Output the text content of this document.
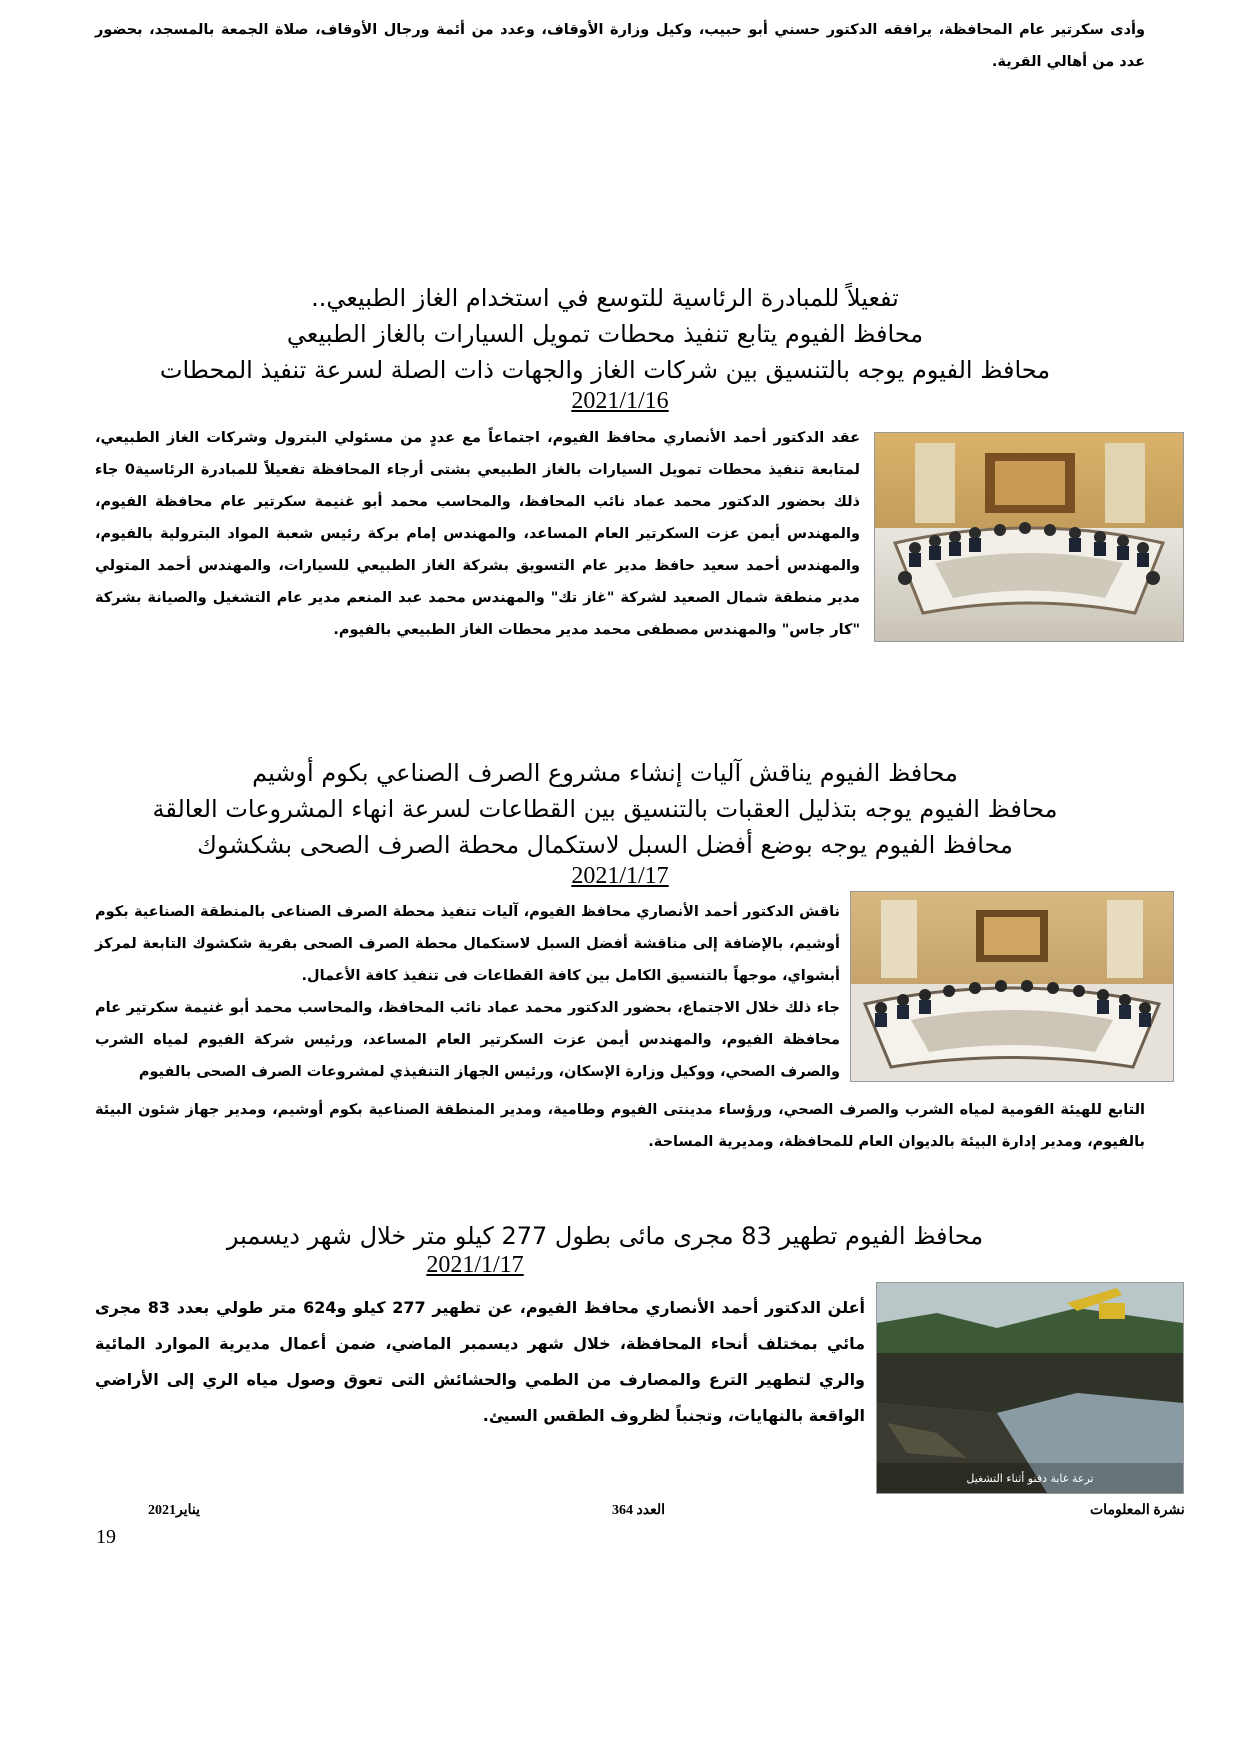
وأدى سكرتير عام المحافظة، يرافقه الدكتور حسني أبو حبيب، وكيل وزارة الأوقاف، وعدد من أئمة ورجال الأوقاف، صلاة الجمعة بالمسجد، بحضور عدد من أهالي القرية.
تفعيلاً للمبادرة الرئاسية للتوسع في استخدام الغاز الطبيعي..
محافظ الفيوم يتابع تنفيذ محطات تمويل السيارات بالغاز الطبيعي
محافظ الفيوم يوجه بالتنسيق بين شركات الغاز والجهات ذات الصلة لسرعة تنفيذ المحطات
2021/1/16
عقد الدكتور أحمد الأنصاري محافظ الفيوم، اجتماعاً مع عددٍ من مسئولي البترول وشركات الغاز الطبيعي، لمتابعة تنفيذ محطات تمويل السيارات بالغاز الطبيعي بشتى أرجاء المحافظة تفعيلاً للمبادرة الرئاسية0 جاء ذلك بحضور الدكتور محمد عماد نائب المحافظ، والمحاسب محمد أبو غنيمة سكرتير عام محافظة الفيوم، والمهندس أيمن عزت السكرتير العام المساعد، والمهندس إمام بركة رئيس شعبة المواد البترولية بالفيوم، والمهندس أحمد سعيد حافظ مدير عام التسويق بشركة الغاز الطبيعي للسيارات، والمهندس أحمد المتولي مدير منطقة شمال الصعيد لشركة "غاز تك" والمهندس محمد عبد المنعم مدير عام التشغيل والصيانة بشركة "كار جاس" والمهندس مصطفى محمد مدير محطات الغاز الطبيعي بالفيوم.
محافظ الفيوم يناقش آليات إنشاء مشروع الصرف الصناعي بكوم أوشيم
محافظ الفيوم يوجه بتذليل العقبات بالتنسيق بين القطاعات لسرعة انهاء المشروعات العالقة
محافظ الفيوم يوجه بوضع أفضل السبل لاستكمال محطة الصرف الصحى بشكشوك
2021/1/17
ناقش الدكتور أحمد الأنصاري محافظ الفيوم، آليات تنفيذ محطة الصرف الصناعى بالمنطقة الصناعية بكوم أوشيم، بالإضافة إلى مناقشة أفضل السبل لاستكمال محطة الصرف الصحى بقرية شكشوك التابعة لمركز أبشواي، موجهاً بالتنسيق الكامل بين كافة القطاعات فى تنفيذ كافة الأعمال.
جاء ذلك خلال الاجتماع، بحضور الدكتور محمد عماد نائب المحافظ، والمحاسب محمد أبو غنيمة سكرتير عام محافظة الفيوم، والمهندس أيمن عزت السكرتير العام المساعد، ورئيس شركة الفيوم لمياه الشرب والصرف الصحي، ووكيل وزارة الإسكان، ورئيس الجهاز التنفيذي لمشروعات الصرف الصحى بالفيوم
التابع للهيئة القومية لمياه الشرب والصرف الصحي، ورؤساء مدينتى الفيوم وطامية، ومدير المنطقة الصناعية بكوم أوشيم، ومدير جهاز شئون البيئة بالفيوم، ومدير إدارة البيئة بالديوان العام للمحافظة، ومديرية المساحة.
محافظ الفيوم تطهير 83 مجرى مائى بطول 277 كيلو متر خلال شهر ديسمبر
2021/1/17
أعلن الدكتور أحمد الأنصاري محافظ الفيوم، عن تطهير 277 كيلو و624 متر طولي بعدد 83 مجرى مائي بمختلف أنحاء المحافظة، خلال شهر ديسمبر الماضي، ضمن أعمال مديرية الموارد المائية والري لتطهير الترع والمصارف من الطمي والحشائش التى تعوق وصول مياه الري إلى الأراضي الواقعة بالنهايات، وتجنباً لظروف الطقس السيئ.
ترعة غابة دفنو أثناء التشغيل
نشرة المعلومات
العدد 364
يناير2021
19
